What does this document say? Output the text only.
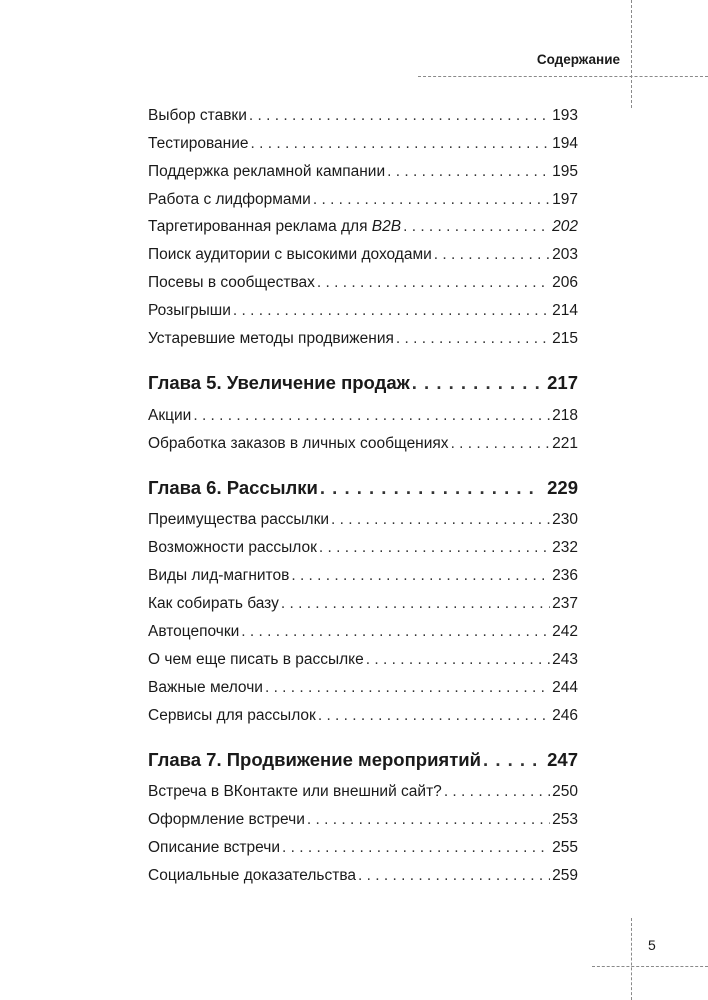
Содержание
Выбор ставки . . .	193
Тестирование . . .	194
Поддержка рекламной кампании . . .	195
Работа с лидформами . . .	197
Таргетированная реклама для B2B . . .	202
Поиск аудитории с высокими доходами . . .	203
Посевы в сообществах . . .	206
Розыгрыши . . .	214
Устаревшие методы продвижения . . .	215
Глава 5. Увеличение продаж . . .	217
Акции . . .	218
Обработка заказов в личных сообщениях . . .	221
Глава 6. Рассылки . . .	229
Преимущества рассылки . . .	230
Возможности рассылок . . .	232
Виды лид-магнитов . . .	236
Как собирать базу . . .	237
Автоцепочки . . .	242
О чем еще писать в рассылке . . .	243
Важные мелочи . . .	244
Сервисы для рассылок . . .	246
Глава 7. Продвижение мероприятий . . .	247
Встреча в ВКонтакте или внешний сайт? . . .	250
Оформление встречи . . .	253
Описание встречи . . .	255
Социальные доказательства . . .	259
5
